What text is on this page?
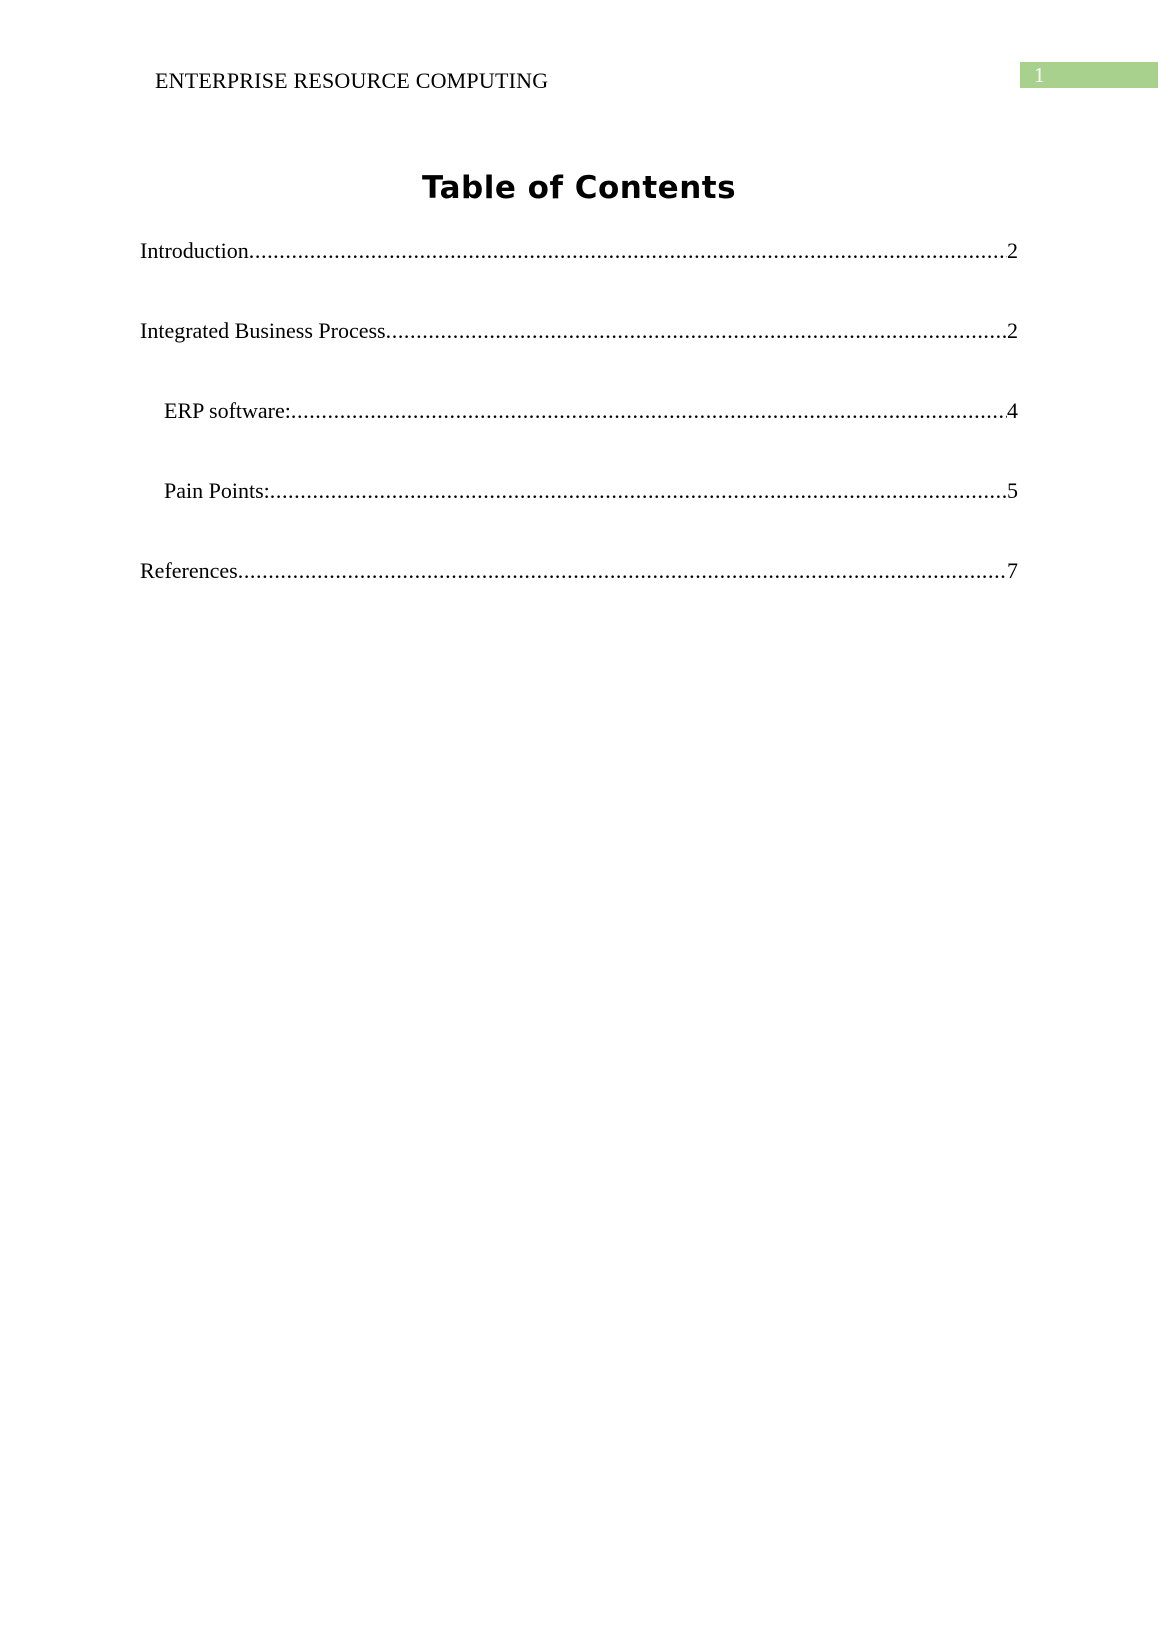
ENTERPRISE RESOURCE COMPUTING	1
Table of Contents
Introduction .....	2
Integrated Business Process .....	2
ERP software: .....	4
Pain Points: .....	5
References .....	7
